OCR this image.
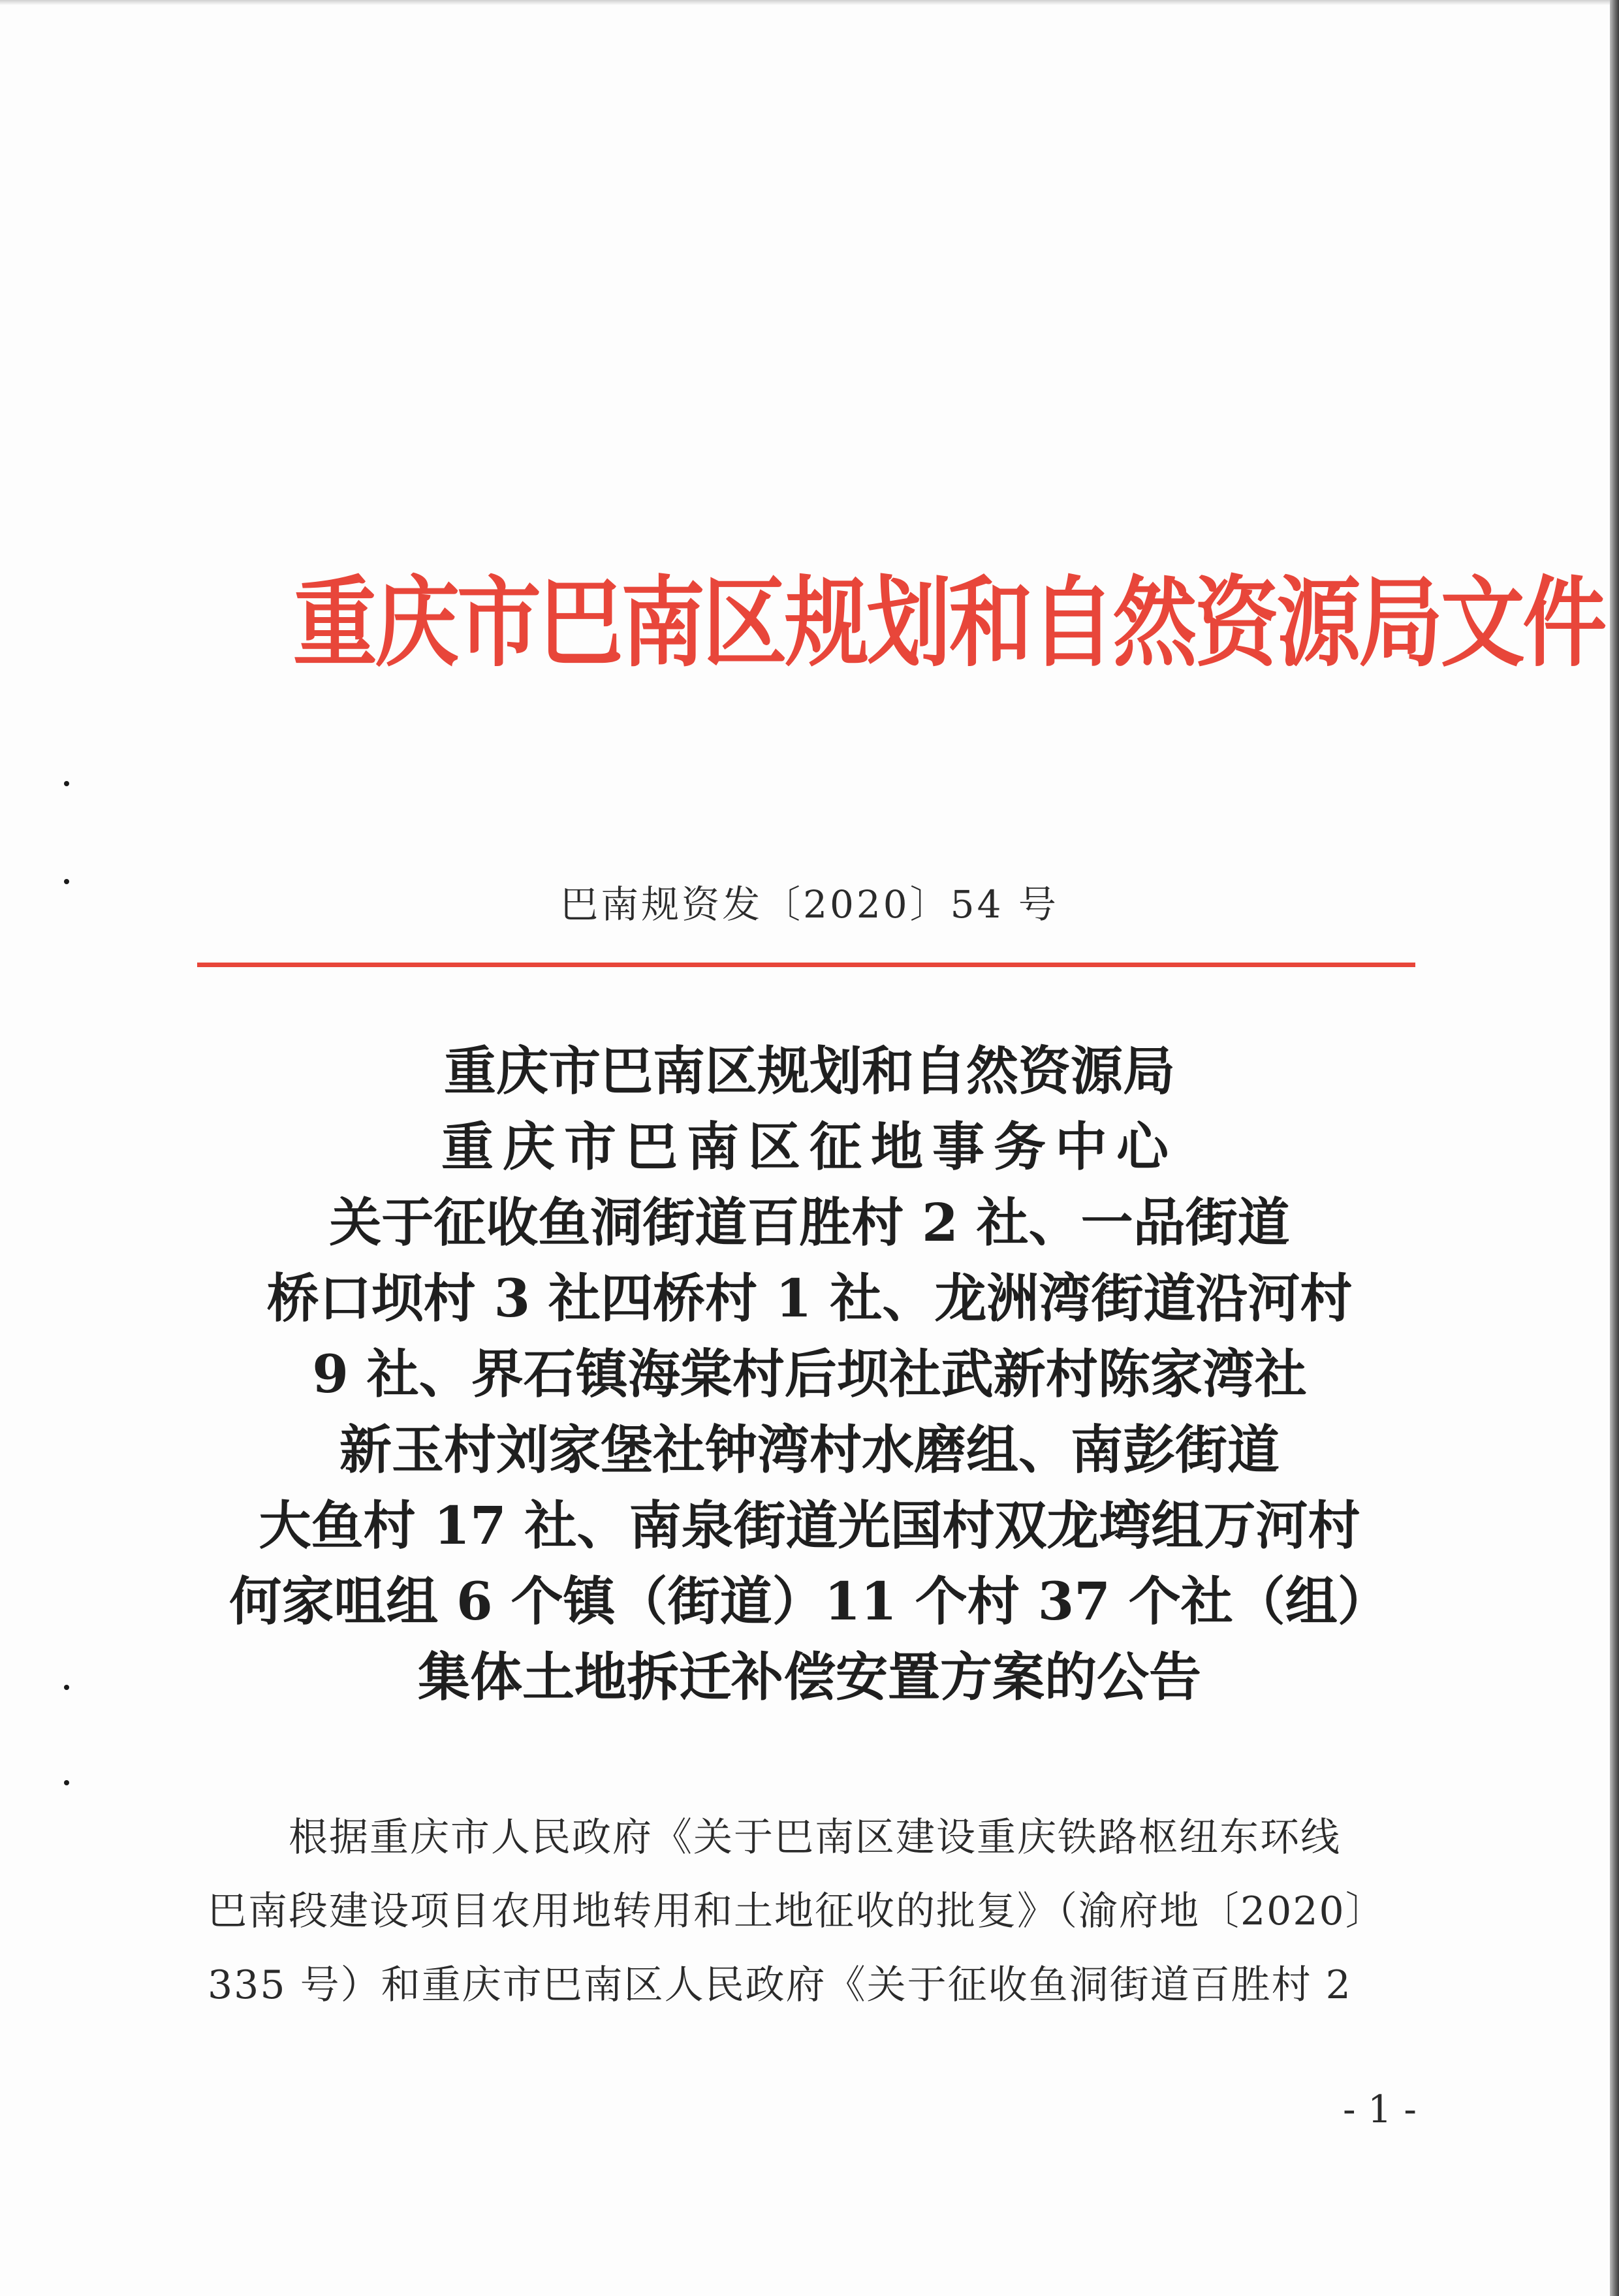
重庆市巴南区规划和自然资源局文件
巴南规资发〔2020〕54 号
重庆市巴南区规划和自然资源局
重庆市巴南区征地事务中心
关于征收鱼洞街道百胜村 2 社、一品街道
桥口坝村 3 社四桥村 1 社、龙洲湾街道沿河村
9 社、界石镇海棠村后坝社武新村陈家湾社
新玉村刘家堡社钟湾村水磨组、南彭街道
大鱼村 17 社、南泉街道光国村双龙塆组万河村
何家咀组 6 个镇（街道）11 个村 37 个社（组）
集体土地拆迁补偿安置方案的公告
根据重庆市人民政府《关于巴南区建设重庆铁路枢纽东环线
巴南段建设项目农用地转用和土地征收的批复》（渝府地〔2020〕
335 号）和重庆市巴南区人民政府《关于征收鱼洞街道百胜村 2
- 1 -
